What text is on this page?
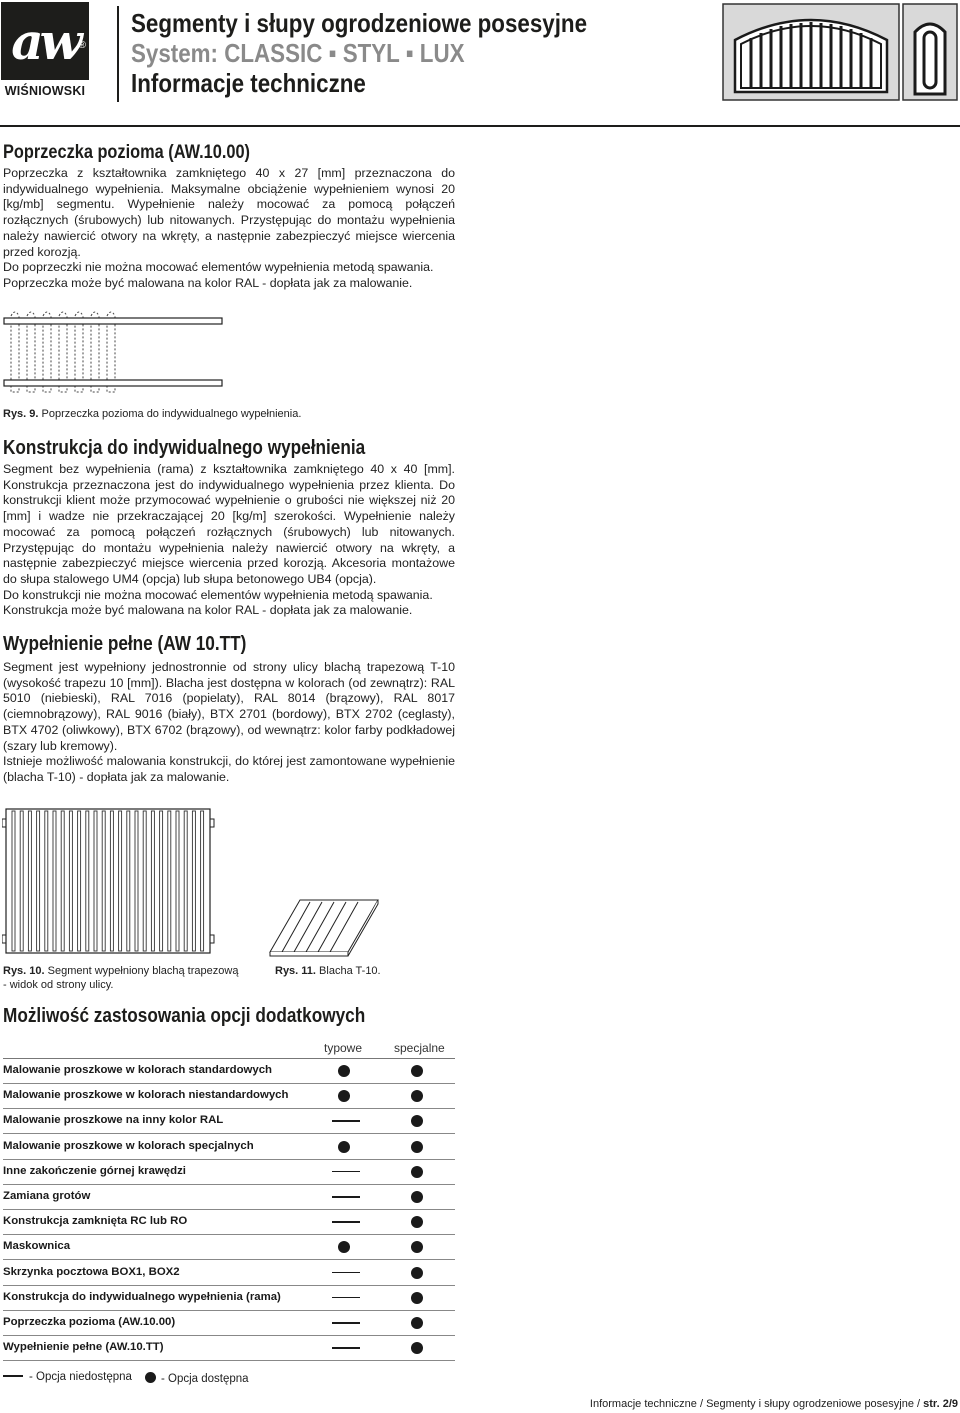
aw ®
WIŚNIOWSKI
Segmenty i słupy ogrodzeniowe posesyjne
System: CLASSIC ▪ STYL ▪ LUX
Informacje techniczne
Poprzeczka pozioma (AW.10.00)

Poprzeczka z kształtownika zamkniętego 40 x 27 [mm] przeznaczona do indywidualnego wypełnienia. Maksymalne obciążenie wypełnieniem wynosi 20 [kg/mb] segmentu. Wypełnienie należy mocować za pomocą połączeń rozłącznych (śrubowych) lub nitowanych. Przystępując do montażu wypełnienia należy nawiercić otwory na wkręty, a następnie zabezpieczyć miejsce wiercenia przed korozją.

Do poprzeczki nie można mocować elementów wypełnienia metodą spawania.

Poprzeczka może być malowana na kolor RAL - dopłata jak za malowanie.

Rys. 9. Poprzeczka pozioma do indywidualnego wypełnienia.
Konstrukcja do indywidualnego wypełnienia

Segment bez wypełnienia (rama) z kształtownika zamkniętego 40 x 40 [mm]. Konstrukcja przeznaczona jest do indywidualnego wypełnienia przez klienta. Do konstrukcji klient może przymocować wypełnienie o grubości nie większej niż 20 [mm] i wadze nie przekraczającej 20 [kg/m] szerokości. Wypełnienie należy mocować za pomocą połączeń rozłącznych (śrubowych) lub nitowanych. Przystępując do montażu wypełnienia należy nawiercić otwory na wkręty, a następnie zabezpieczyć miejsce wiercenia przed korozją. Akcesoria montażowe do słupa stalowego UM4 (opcja) lub słupa betonowego UB4 (opcja).

Do konstrukcji nie można mocować elementów wypełnienia metodą spawania.

Konstrukcja może być malowana na kolor RAL - dopłata jak za malowanie.

Wypełnienie pełne (AW 10.TT)

Segment jest wypełniony jednostronnie od strony ulicy blachą trapezową T-10 (wysokość trapezu 10 [mm]). Blacha jest dostępna w kolorach (od zewnątrz): RAL 5010 (niebieski), RAL 7016 (popielaty), RAL 8014 (brązowy), RAL 8017 (ciemnobrązowy), RAL 9016 (biały), BTX 2701 (bordowy), BTX 2702 (ceglasty), BTX 4702 (oliwkowy), BTX 6702 (brązowy), od wewnątrz: kolor farby podkładowej (szary lub kremowy).

Istnieje możliwość malowania konstrukcji, do której jest zamontowane wypełnienie (blacha T-10) - dopłata jak za malowanie.

Rys. 10. Segment wypełniony blachą trapezową
- widok od strony ulicy.
Rys. 11. Blacha T-10.
Możliwość zastosowania opcji dodatkowych
typowe	specjalne
Malowanie proszkowe w kolorach standardowych
Malowanie proszkowe w kolorach niestandardowych
Malowanie proszkowe na inny kolor RAL
Malowanie proszkowe w kolorach specjalnych
Inne zakończenie górnej krawędzi
Zamiana grotów
Konstrukcja zamknięta RC lub RO
Maskownica
Skrzynka pocztowa BOX1, BOX2
Konstrukcja do indywidualnego wypełnienia (rama)
Poprzeczka pozioma (AW.10.00)
Wypełnienie pełne (AW.10.TT)
- Opcja niedostępna	- Opcja dostępna
Informacje techniczne / Segmenty i słupy ogrodzeniowe posesyjne / str. 2/9
